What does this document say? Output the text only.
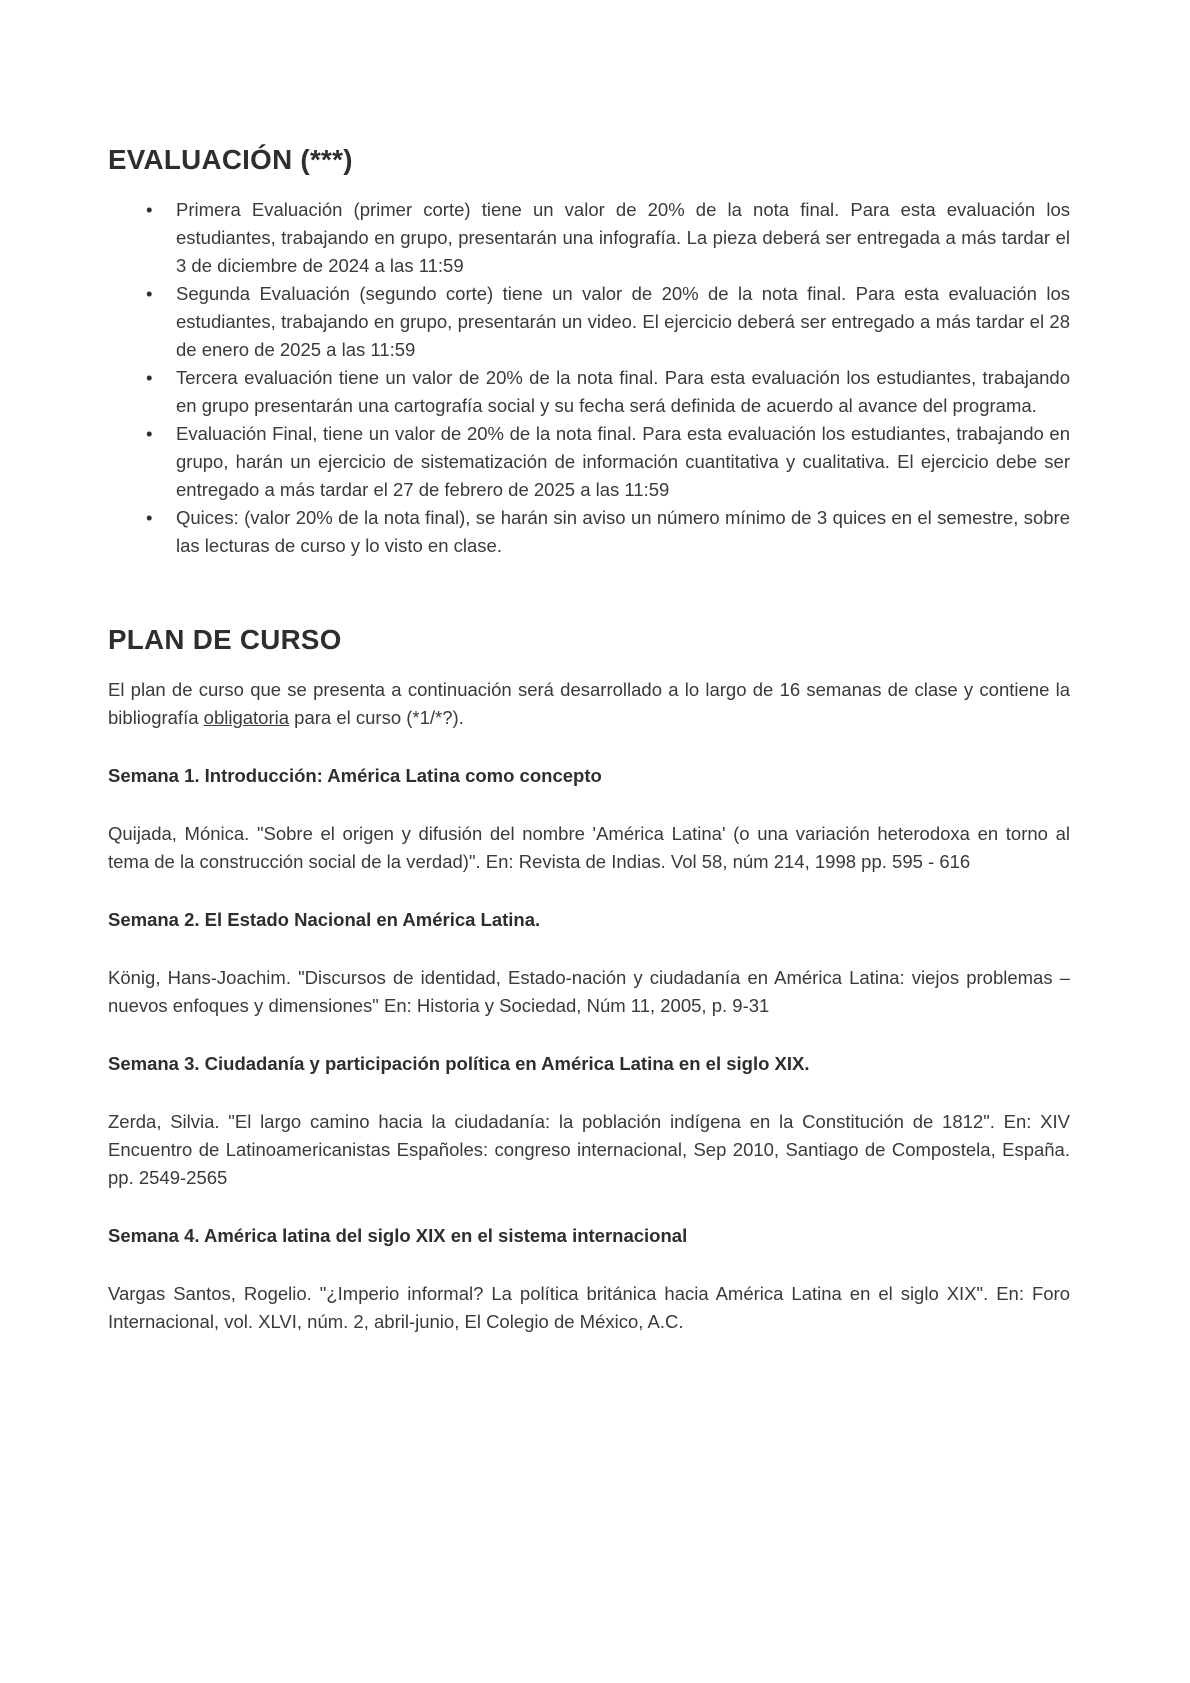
EVALUACIÓN (***)
• Primera Evaluación (primer corte) tiene un valor de 20% de la nota final. Para esta evaluación los estudiantes, trabajando en grupo, presentarán una infografía. La pieza deberá ser entregada a más tardar el 3 de diciembre de 2024 a las 11:59
• Segunda Evaluación (segundo corte) tiene un valor de 20% de la nota final. Para esta evaluación los estudiantes, trabajando en grupo, presentarán un video. El ejercicio deberá ser entregado a más tardar el 28 de enero de 2025 a las 11:59
• Tercera evaluación tiene un valor de 20% de la nota final. Para esta evaluación los estudiantes, trabajando en grupo presentarán una cartografía social y su fecha será definida de acuerdo al avance del programa.
• Evaluación Final, tiene un valor de 20% de la nota final. Para esta evaluación los estudiantes, trabajando en grupo, harán un ejercicio de sistematización de información cuantitativa y cualitativa. El ejercicio debe ser entregado a más tardar el 27 de febrero de 2025 a las 11:59
• Quices: (valor 20% de la nota final), se harán sin aviso un número mínimo de 3 quices en el semestre, sobre las lecturas de curso y lo visto en clase.
PLAN DE CURSO

El plan de curso que se presenta a continuación será desarrollado a lo largo de 16 semanas de clase y contiene la bibliografía obligatoria para el curso (*1/*?).

Semana 1. Introducción: América Latina como concepto

Quijada, Mónica. "Sobre el origen y difusión del nombre 'América Latina' (o una variación heterodoxa en torno al tema de la construcción social de la verdad)". En: Revista de Indias. Vol 58, núm 214, 1998 pp. 595 - 616

Semana 2. El Estado Nacional en América Latina.

König, Hans-Joachim. "Discursos de identidad, Estado-nación y ciudadanía en América Latina: viejos problemas – nuevos enfoques y dimensiones" En: Historia y Sociedad, Núm 11, 2005, p. 9-31

Semana 3. Ciudadanía y participación política en América Latina en el siglo XIX.

Zerda, Silvia. "El largo camino hacia la ciudadanía: la población indígena en la Constitución de 1812". En: XIV Encuentro de Latinoamericanistas Españoles: congreso internacional, Sep 2010, Santiago de Compostela, España. pp. 2549-2565

Semana 4. América latina del siglo XIX en el sistema internacional

Vargas Santos, Rogelio. "¿Imperio informal? La política británica hacia América Latina en el siglo XIX". En: Foro Internacional, vol. XLVI, núm. 2, abril-junio, El Colegio de México, A.C.
